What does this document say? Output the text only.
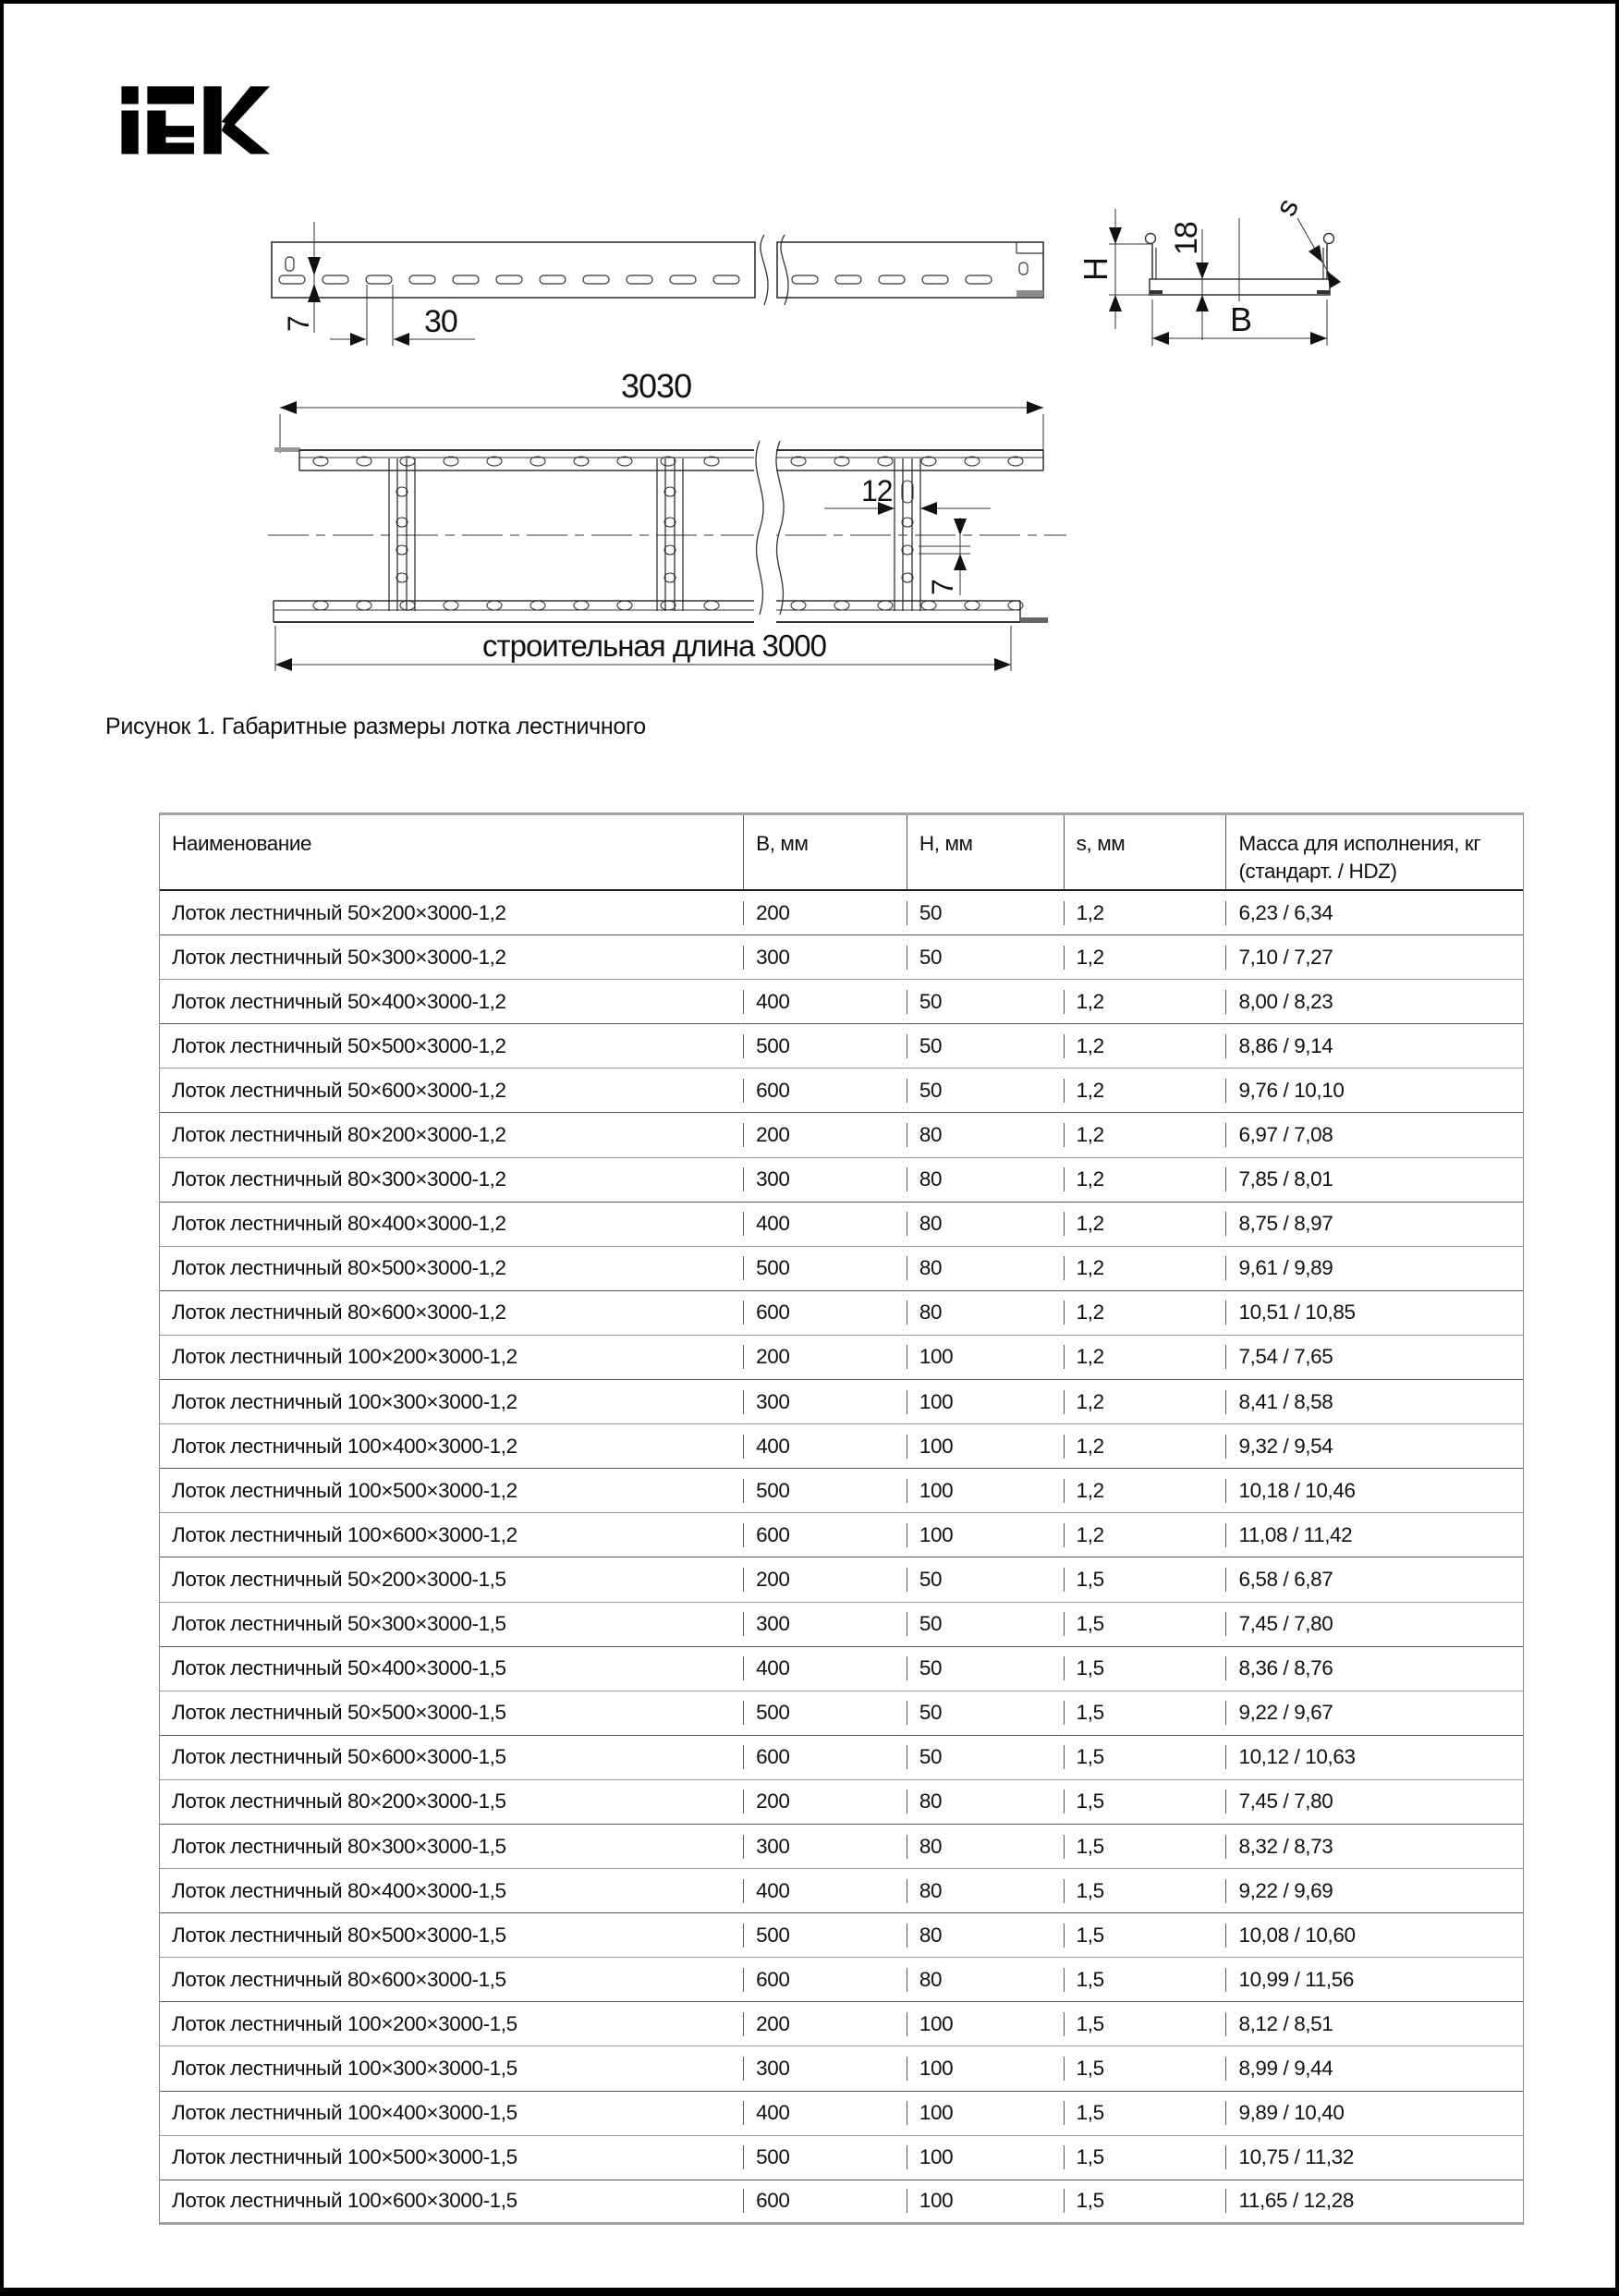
7	30
H
18
s
B
3030
12
7
строительная длина 3000
Рисунок 1. Габаритные размеры лотка лестничного
Наименование	B, мм	H, мм	s, мм	Масса для исполнения, кг (стандарт. / HDZ)
Лоток лестничный 50×200×3000-1,2	200	50	1,2	6,23 / 6,34
Лоток лестничный 50×300×3000-1,2	300	50	1,2	7,10 / 7,27
Лоток лестничный 50×400×3000-1,2	400	50	1,2	8,00 / 8,23
Лоток лестничный 50×500×3000-1,2	500	50	1,2	8,86 / 9,14
Лоток лестничный 50×600×3000-1,2	600	50	1,2	9,76 / 10,10
Лоток лестничный 80×200×3000-1,2	200	80	1,2	6,97 / 7,08
Лоток лестничный 80×300×3000-1,2	300	80	1,2	7,85 / 8,01
Лоток лестничный 80×400×3000-1,2	400	80	1,2	8,75 / 8,97
Лоток лестничный 80×500×3000-1,2	500	80	1,2	9,61 / 9,89
Лоток лестничный 80×600×3000-1,2	600	80	1,2	10,51 / 10,85
Лоток лестничный 100×200×3000-1,2	200	100	1,2	7,54 / 7,65
Лоток лестничный 100×300×3000-1,2	300	100	1,2	8,41 / 8,58
Лоток лестничный 100×400×3000-1,2	400	100	1,2	9,32 / 9,54
Лоток лестничный 100×500×3000-1,2	500	100	1,2	10,18 / 10,46
Лоток лестничный 100×600×3000-1,2	600	100	1,2	11,08 / 11,42
Лоток лестничный 50×200×3000-1,5	200	50	1,5	6,58 / 6,87
Лоток лестничный 50×300×3000-1,5	300	50	1,5	7,45 / 7,80
Лоток лестничный 50×400×3000-1,5	400	50	1,5	8,36 / 8,76
Лоток лестничный 50×500×3000-1,5	500	50	1,5	9,22 / 9,67
Лоток лестничный 50×600×3000-1,5	600	50	1,5	10,12 / 10,63
Лоток лестничный 80×200×3000-1,5	200	80	1,5	7,45 / 7,80
Лоток лестничный 80×300×3000-1,5	300	80	1,5	8,32 / 8,73
Лоток лестничный 80×400×3000-1,5	400	80	1,5	9,22 / 9,69
Лоток лестничный 80×500×3000-1,5	500	80	1,5	10,08 / 10,60
Лоток лестничный 80×600×3000-1,5	600	80	1,5	10,99 / 11,56
Лоток лестничный 100×200×3000-1,5	200	100	1,5	8,12 / 8,51
Лоток лестничный 100×300×3000-1,5	300	100	1,5	8,99 / 9,44
Лоток лестничный 100×400×3000-1,5	400	100	1,5	9,89 / 10,40
Лоток лестничный 100×500×3000-1,5	500	100	1,5	10,75 / 11,32
Лоток лестничный 100×600×3000-1,5	600	100	1,5	11,65 / 12,28
